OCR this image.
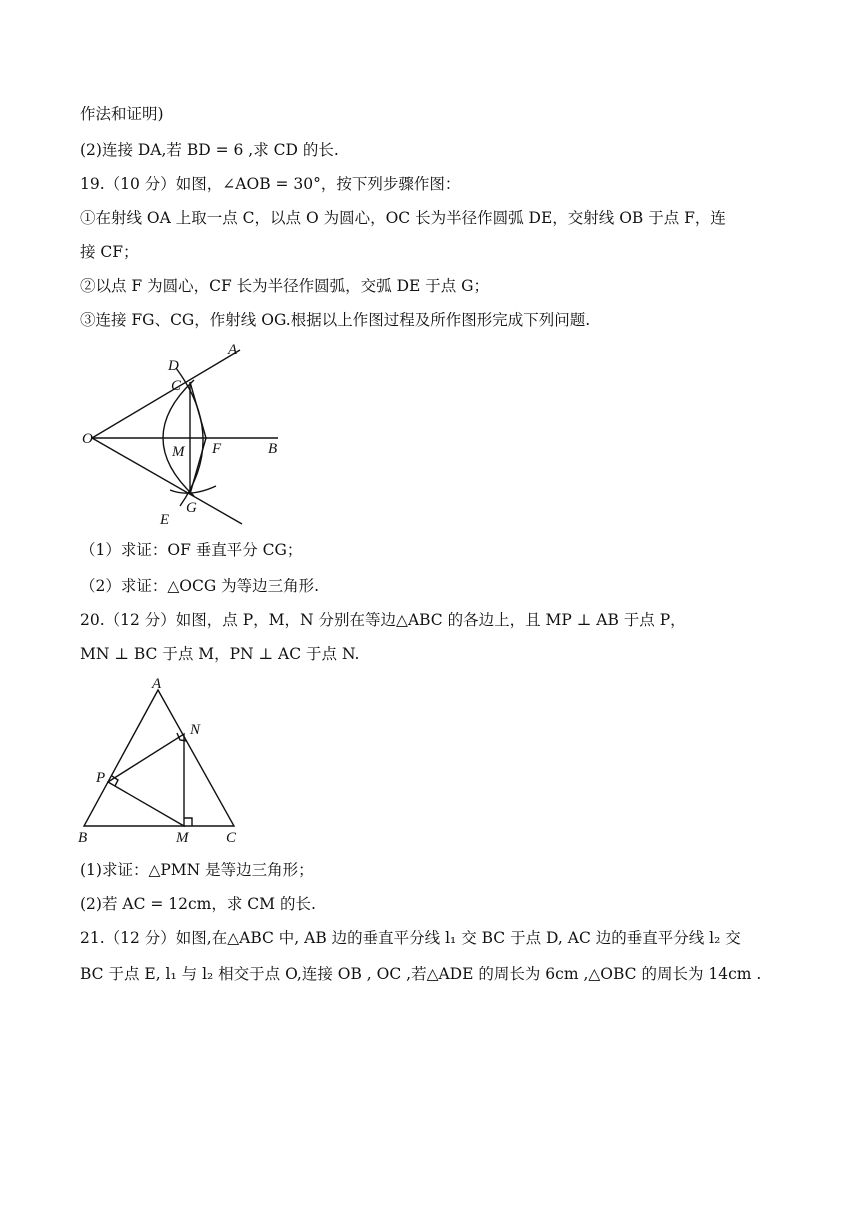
作法和证明)
(2)连接 DA,若 BD = 6 ,求 CD 的长.
19.（10 分）如图，∠AOB = 30°，按下列步骤作图：
①在射线 OA 上取一点 C，以点 O 为圆心，OC 长为半径作圆弧 DE，交射线 OB 于点 F，连
接 CF；
②以点 F 为圆心，CF 长为半径作圆弧，交弧 DE 于点 G；
③连接 FG、CG，作射线 OG.根据以上作图过程及所作图形完成下列问题.
D
A
C
O
M F	B
G
E
（1）求证：OF 垂直平分 CG；
（2）求证：△OCG 为等边三角形.
20.（12 分）如图，点 P，M，N 分别在等边△ABC 的各边上，且 MP ⊥ AB 于点 P，
MN ⊥ BC 于点 M，PN ⊥ AC 于点 N.
A
N
P
B	M	C
(1)求证：△PMN 是等边三角形；
(2)若 AC = 12cm，求 CM 的长.
21.（12 分）如图,在△ABC 中, AB 边的垂直平分线 l₁ 交 BC 于点 D, AC 边的垂直平分线 l₂ 交
BC 于点 E, l₁ 与 l₂ 相交于点 O,连接 OB , OC ,若△ADE 的周长为 6cm ,△OBC 的周长为 14cm .
